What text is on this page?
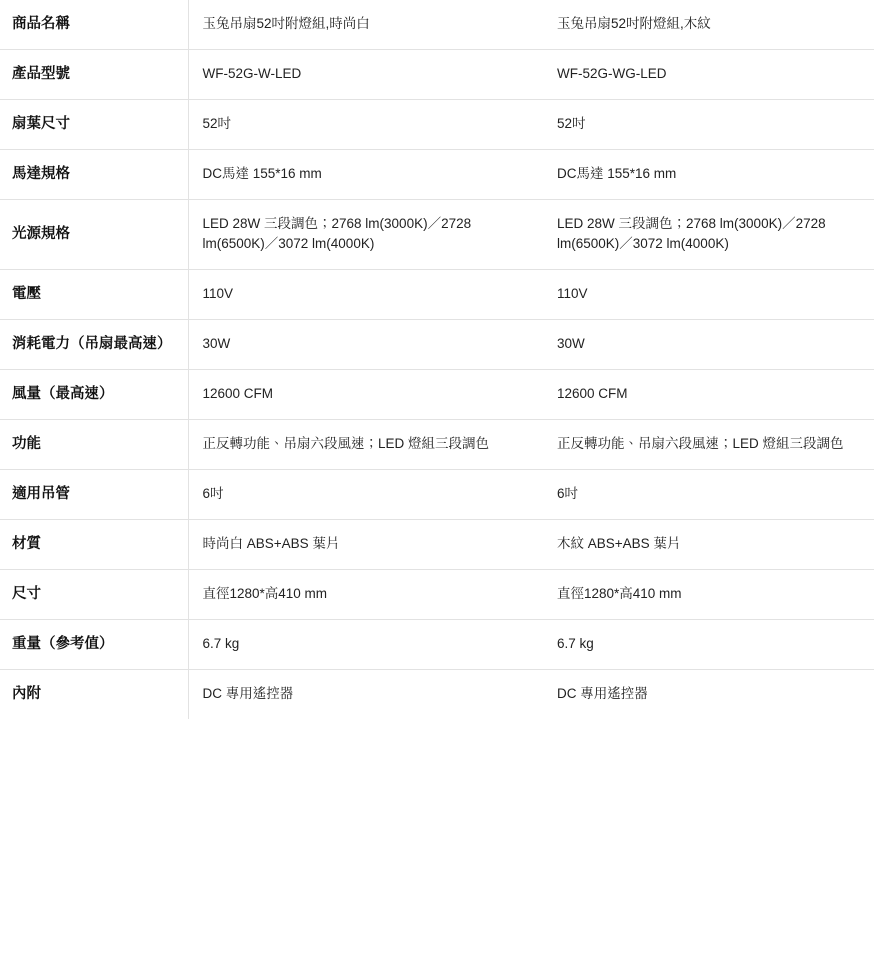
商品名稱	玉兔吊扇52吋附燈組,時尚白	玉兔吊扇52吋附燈組,木紋

產品型號	WF-52G-W-LED	WF-52G-WG-LED

扇葉尺寸	52吋	52吋

馬達規格	DC馬達 155*16 mm	DC馬達 155*16 mm

光源規格	LED 28W 三段調色；2768 lm(3000K)／2728 lm(6500K)／3072 lm(4000K)	LED 28W 三段調色；2768 lm(3000K)／2728 lm(6500K)／3072 lm(4000K)

電壓	110V	110V

消耗電力（吊扇最高速）	30W	30W

風量（最高速）	12600 CFM	12600 CFM

功能	正反轉功能、吊扇六段風速；LED 燈組三段調色	正反轉功能、吊扇六段風速；LED 燈組三段調色

適用吊管	6吋	6吋

材質	時尚白 ABS+ABS 葉片	木紋 ABS+ABS 葉片

尺寸	直徑1280*高410 mm	直徑1280*高410 mm

重量（參考值）	6.7 kg	6.7 kg

內附	DC 專用遙控器	DC 專用遙控器
